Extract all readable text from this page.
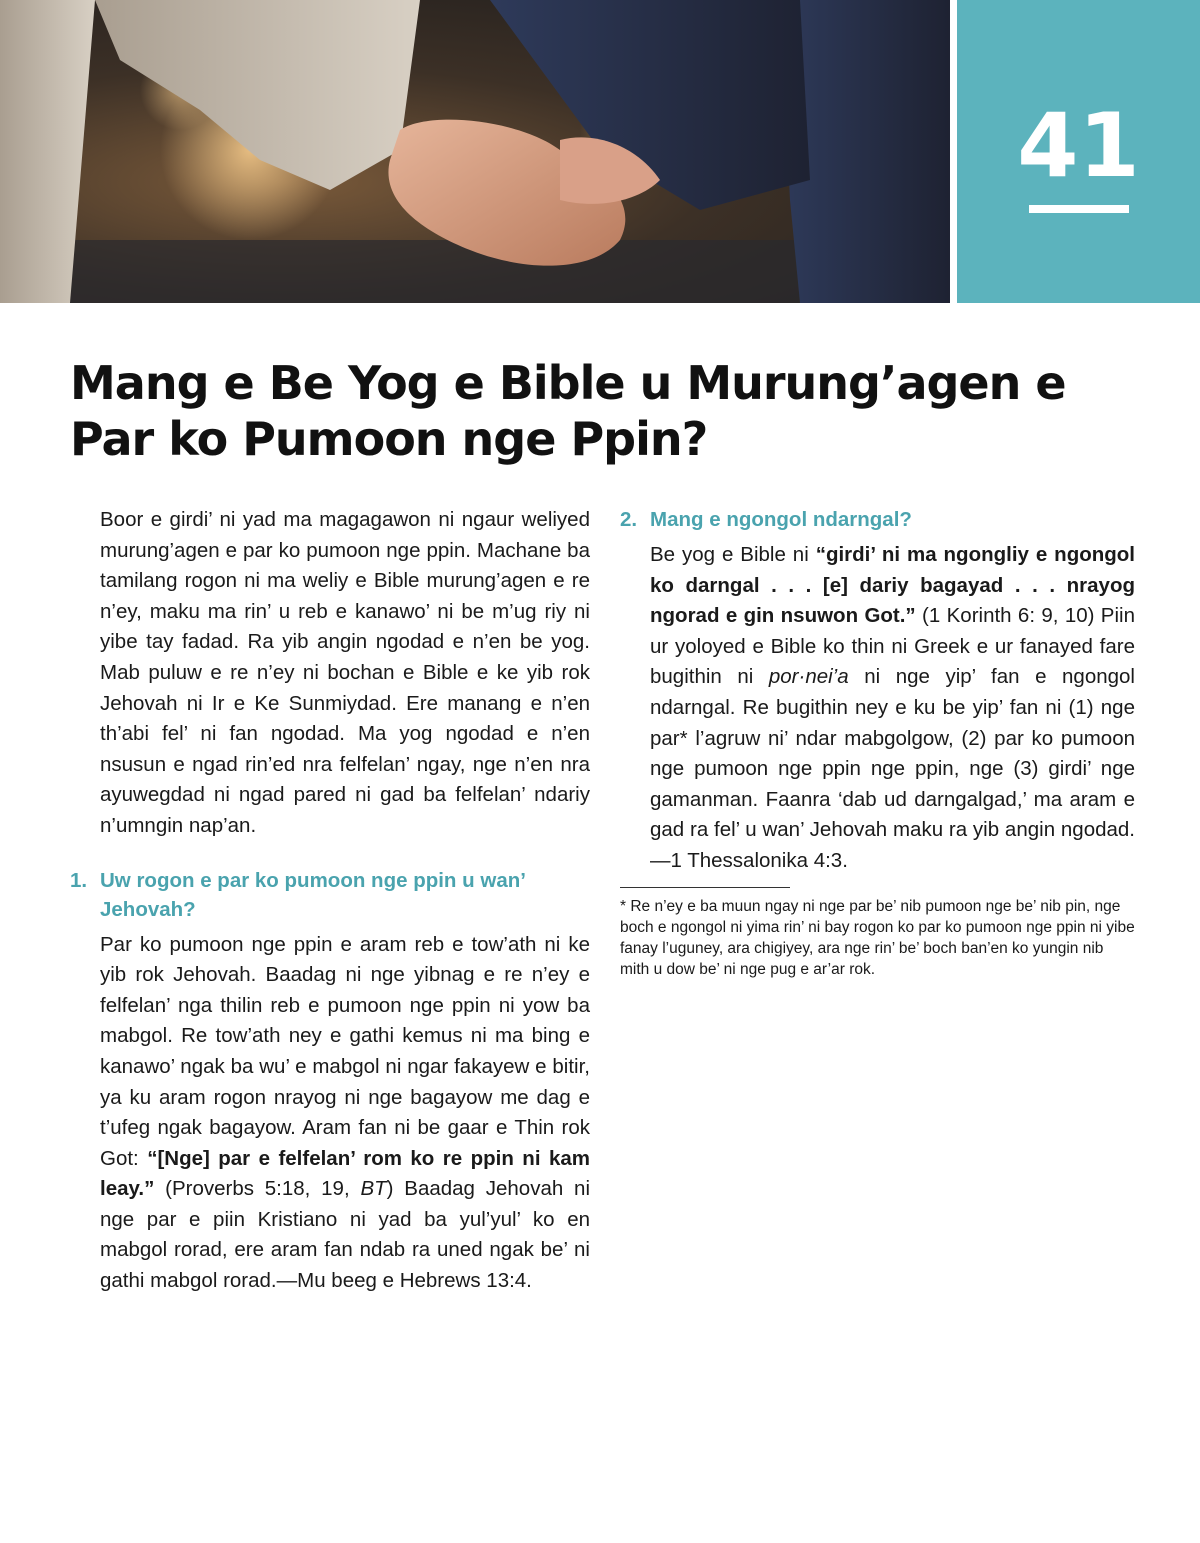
41
Mang e Be Yog e Bible u Murung’agen e Par ko Pumoon nge Ppin?

Boor e girdi’ ni yad ma magagawon ni ngaur weliyed murung’agen e par ko pumoon nge ppin. Machane ba tamilang rogon ni ma weliy e Bible murung’agen e re n’ey, maku ma rin’ u reb e kanawo’ ni be m’ug riy ni yibe tay fadad. Ra yib angin ngodad e n’en be yog. Mab puluw e re n’ey ni bochan e Bible e ke yib rok Jehovah ni Ir e Ke Sunmiydad. Ere manang e n’en th’abi fel’ ni fan ngodad. Ma yog ngodad e n’en nsusun e ngad rin’ed nra felfelan’ ngay, nge n’en nra ayuwegdad ni ngad pared ni gad ba felfelan’ ndariy n’umngin nap’an.

1. Uw rogon e par ko pumoon nge ppin u wan’ Jehovah?

Par ko pumoon nge ppin e aram reb e tow’ath ni ke yib rok Jehovah. Baadag ni nge yibnag e re n’ey e felfelan’ nga thilin reb e pumoon nge ppin ni yow ba mabgol. Re tow’ath ney e gathi kemus ni ma bing e kanawo’ ngak ba wu’ e mabgol ni ngar fakayew e bitir, ya ku aram rogon nrayog ni nge bagayow me dag e t’ufeg ngak bagayow. Aram fan ni be gaar e Thin rok Got: “[Nge] par e felfelan’ rom ko re ppin ni kam leay.” (Proverbs 5:18, 19, BT) Baadag Jehovah ni nge par e piin Kristiano ni yad ba yul’yul’ ko en mabgol rorad, ere aram fan ndab ra uned ngak be’ ni gathi mabgol rorad.—Mu beeg e Hebrews 13:4.

2. Mang e ngongol ndarngal?

Be yog e Bible ni “girdi’ ni ma ngongliy e ngongol ko darngal . . . [e] dariy bagayad . . . nrayog ngorad e gin nsuwon Got.” (1 Korinth 6: 9, 10) Piin ur yoloyed e Bible ko thin ni Greek e ur fanayed fare bugithin ni por·nei’a ni nge yip’ fan e ngongol ndarngal. Re bugithin ney e ku be yip’ fan ni (1) nge par* l’agruw ni’ ndar mabgolgow, (2) par ko pumoon nge pumoon nge ppin nge ppin, nge (3) girdi’ nge gamanman. Faanra ‘dab ud darngalgad,’ ma aram e gad ra fel’ u wan’ Jehovah maku ra yib angin ngodad.—1 Thessalonika 4:3.

* Re n’ey e ba muun ngay ni nge par be’ nib pumoon nge be’ nib pin, nge boch e ngongol ni yima rin’ ni bay rogon ko par ko pumoon nge ppin ni yibe fanay l’uguney, ara chigiyey, ara nge rin’ be’ boch ban’en ko yungin nib mith u dow be’ ni nge pug e ar’ar rok.
